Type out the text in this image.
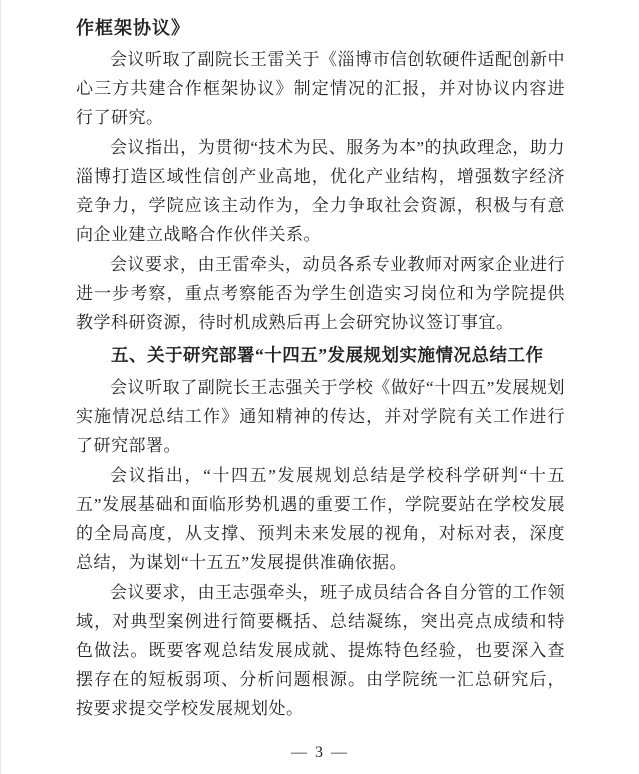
作框架协议》
会议听取了副院长王雷关于《淄博市信创软硬件适配创新中心三方共建合作框架协议》制定情况的汇报，并对协议内容进行了研究。
会议指出，为贯彻“技术为民、服务为本”的执政理念，助力淄博打造区域性信创产业高地，优化产业结构，增强数字经济竞争力，学院应该主动作为，全力争取社会资源，积极与有意向企业建立战略合作伙伴关系。
会议要求，由王雷牵头，动员各系专业教师对两家企业进行进一步考察，重点考察能否为学生创造实习岗位和为学院提供教学科研资源，待时机成熟后再上会研究协议签订事宜。
五、关于研究部署“十四五”发展规划实施情况总结工作
会议听取了副院长王志强关于学校《做好“十四五”发展规划实施情况总结工作》通知精神的传达，并对学院有关工作进行了研究部署。
会议指出，“十四五”发展规划总结是学校科学研判“十五五”发展基础和面临形势机遇的重要工作，学院要站在学校发展的全局高度，从支撑、预判未来发展的视角，对标对表，深度总结，为谋划“十五五”发展提供准确依据。
会议要求，由王志强牵头，班子成员结合各自分管的工作领域，对典型案例进行简要概括、总结凝练，突出亮点成绩和特色做法。既要客观总结发展成就、提炼特色经验，也要深入查摆存在的短板弱项、分析问题根源。由学院统一汇总研究后，按要求提交学校发展规划处。
— 3 —
